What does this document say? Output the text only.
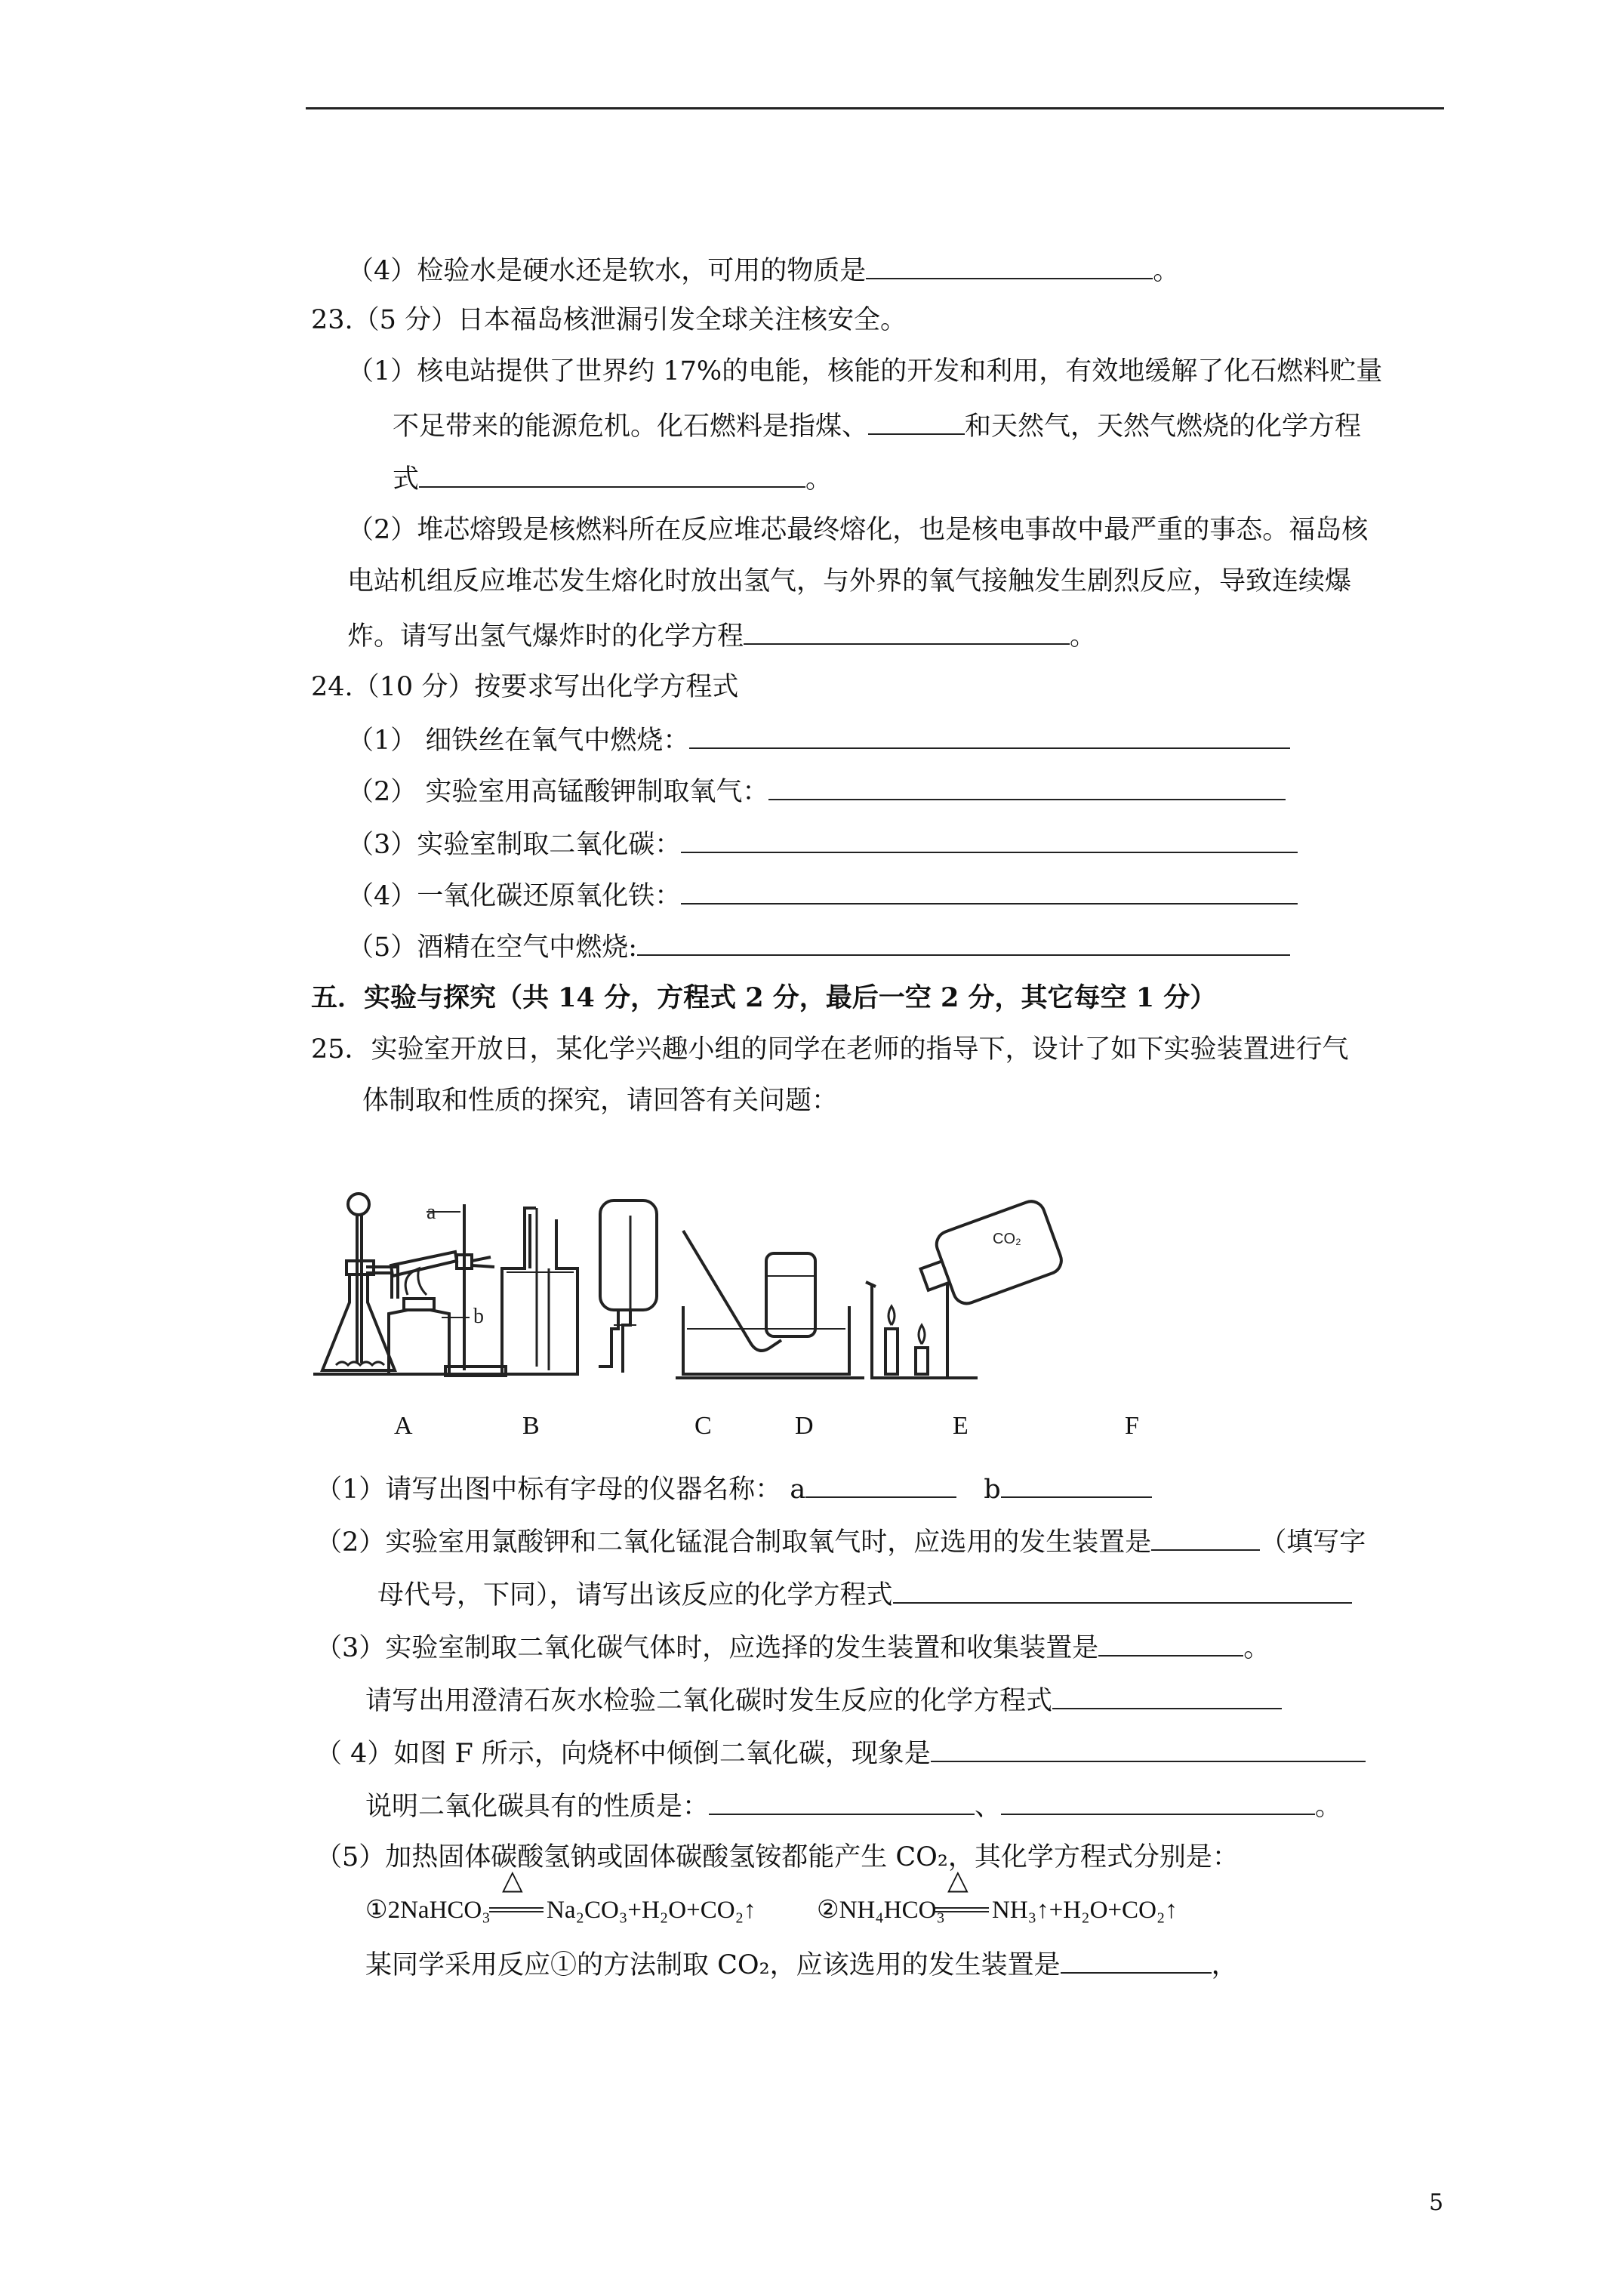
（4）检验水是硬水还是软水，可用的物质是	。
23.（5 分）日本福岛核泄漏引发全球关注核安全。
（1）核电站提供了世界约 17%的电能，核能的开发和利用，有效地缓解了化石燃料贮量
不足带来的能源危机。化石燃料是指煤、	和天然气，天然气燃烧的化学方程
式	。
（2）堆芯熔毁是核燃料所在反应堆芯最终熔化，也是核电事故中最严重的事态。福岛核
电站机组反应堆芯发生熔化时放出氢气，与外界的氧气接触发生剧烈反应，导致连续爆
炸。请写出氢气爆炸时的化学方程	。
24.（10 分）按要求写出化学方程式
（1） 细铁丝在氧气中燃烧：
（2） 实验室用高锰酸钾制取氧气：
（3）实验室制取二氧化碳：
（4）一氧化碳还原氧化铁：
（5）酒精在空气中燃烧:
五．实验与探究（共 14 分，方程式 2 分，最后一空 2 分，其它每空 1 分）
25．实验室开放日，某化学兴趣小组的同学在老师的指导下，设计了如下实验装置进行气
体制取和性质的探究，请回答有关问题：
a
b
CO₂
A	B	C	D	E	F
（1）请写出图中标有字母的仪器名称： a	b
（2）实验室用氯酸钾和二氧化锰混合制取氧气时，应选用的发生装置是	（填写字
母代号，下同），请写出该反应的化学方程式
（3）实验室制取二氧化碳气体时，应选择的发生装置和收集装置是	。
请写出用澄清石灰水检验二氧化碳时发生反应的化学方程式
（ 4）如图 F 所示，向烧杯中倾倒二氧化碳，现象是
说明二氧化碳具有的性质是：	、	。
（5）加热固体碳酸氢钠或固体碳酸氢铵都能产生 CO₂，其化学方程式分别是：
①2NaHCO₃
△
Na₂CO₃+H₂O+CO₂↑ ②NH₄HCO₃
△
NH₃↑+H₂O+CO₂↑
某同学采用反应①的方法制取 CO₂，应该选用的发生装置是	，
5
